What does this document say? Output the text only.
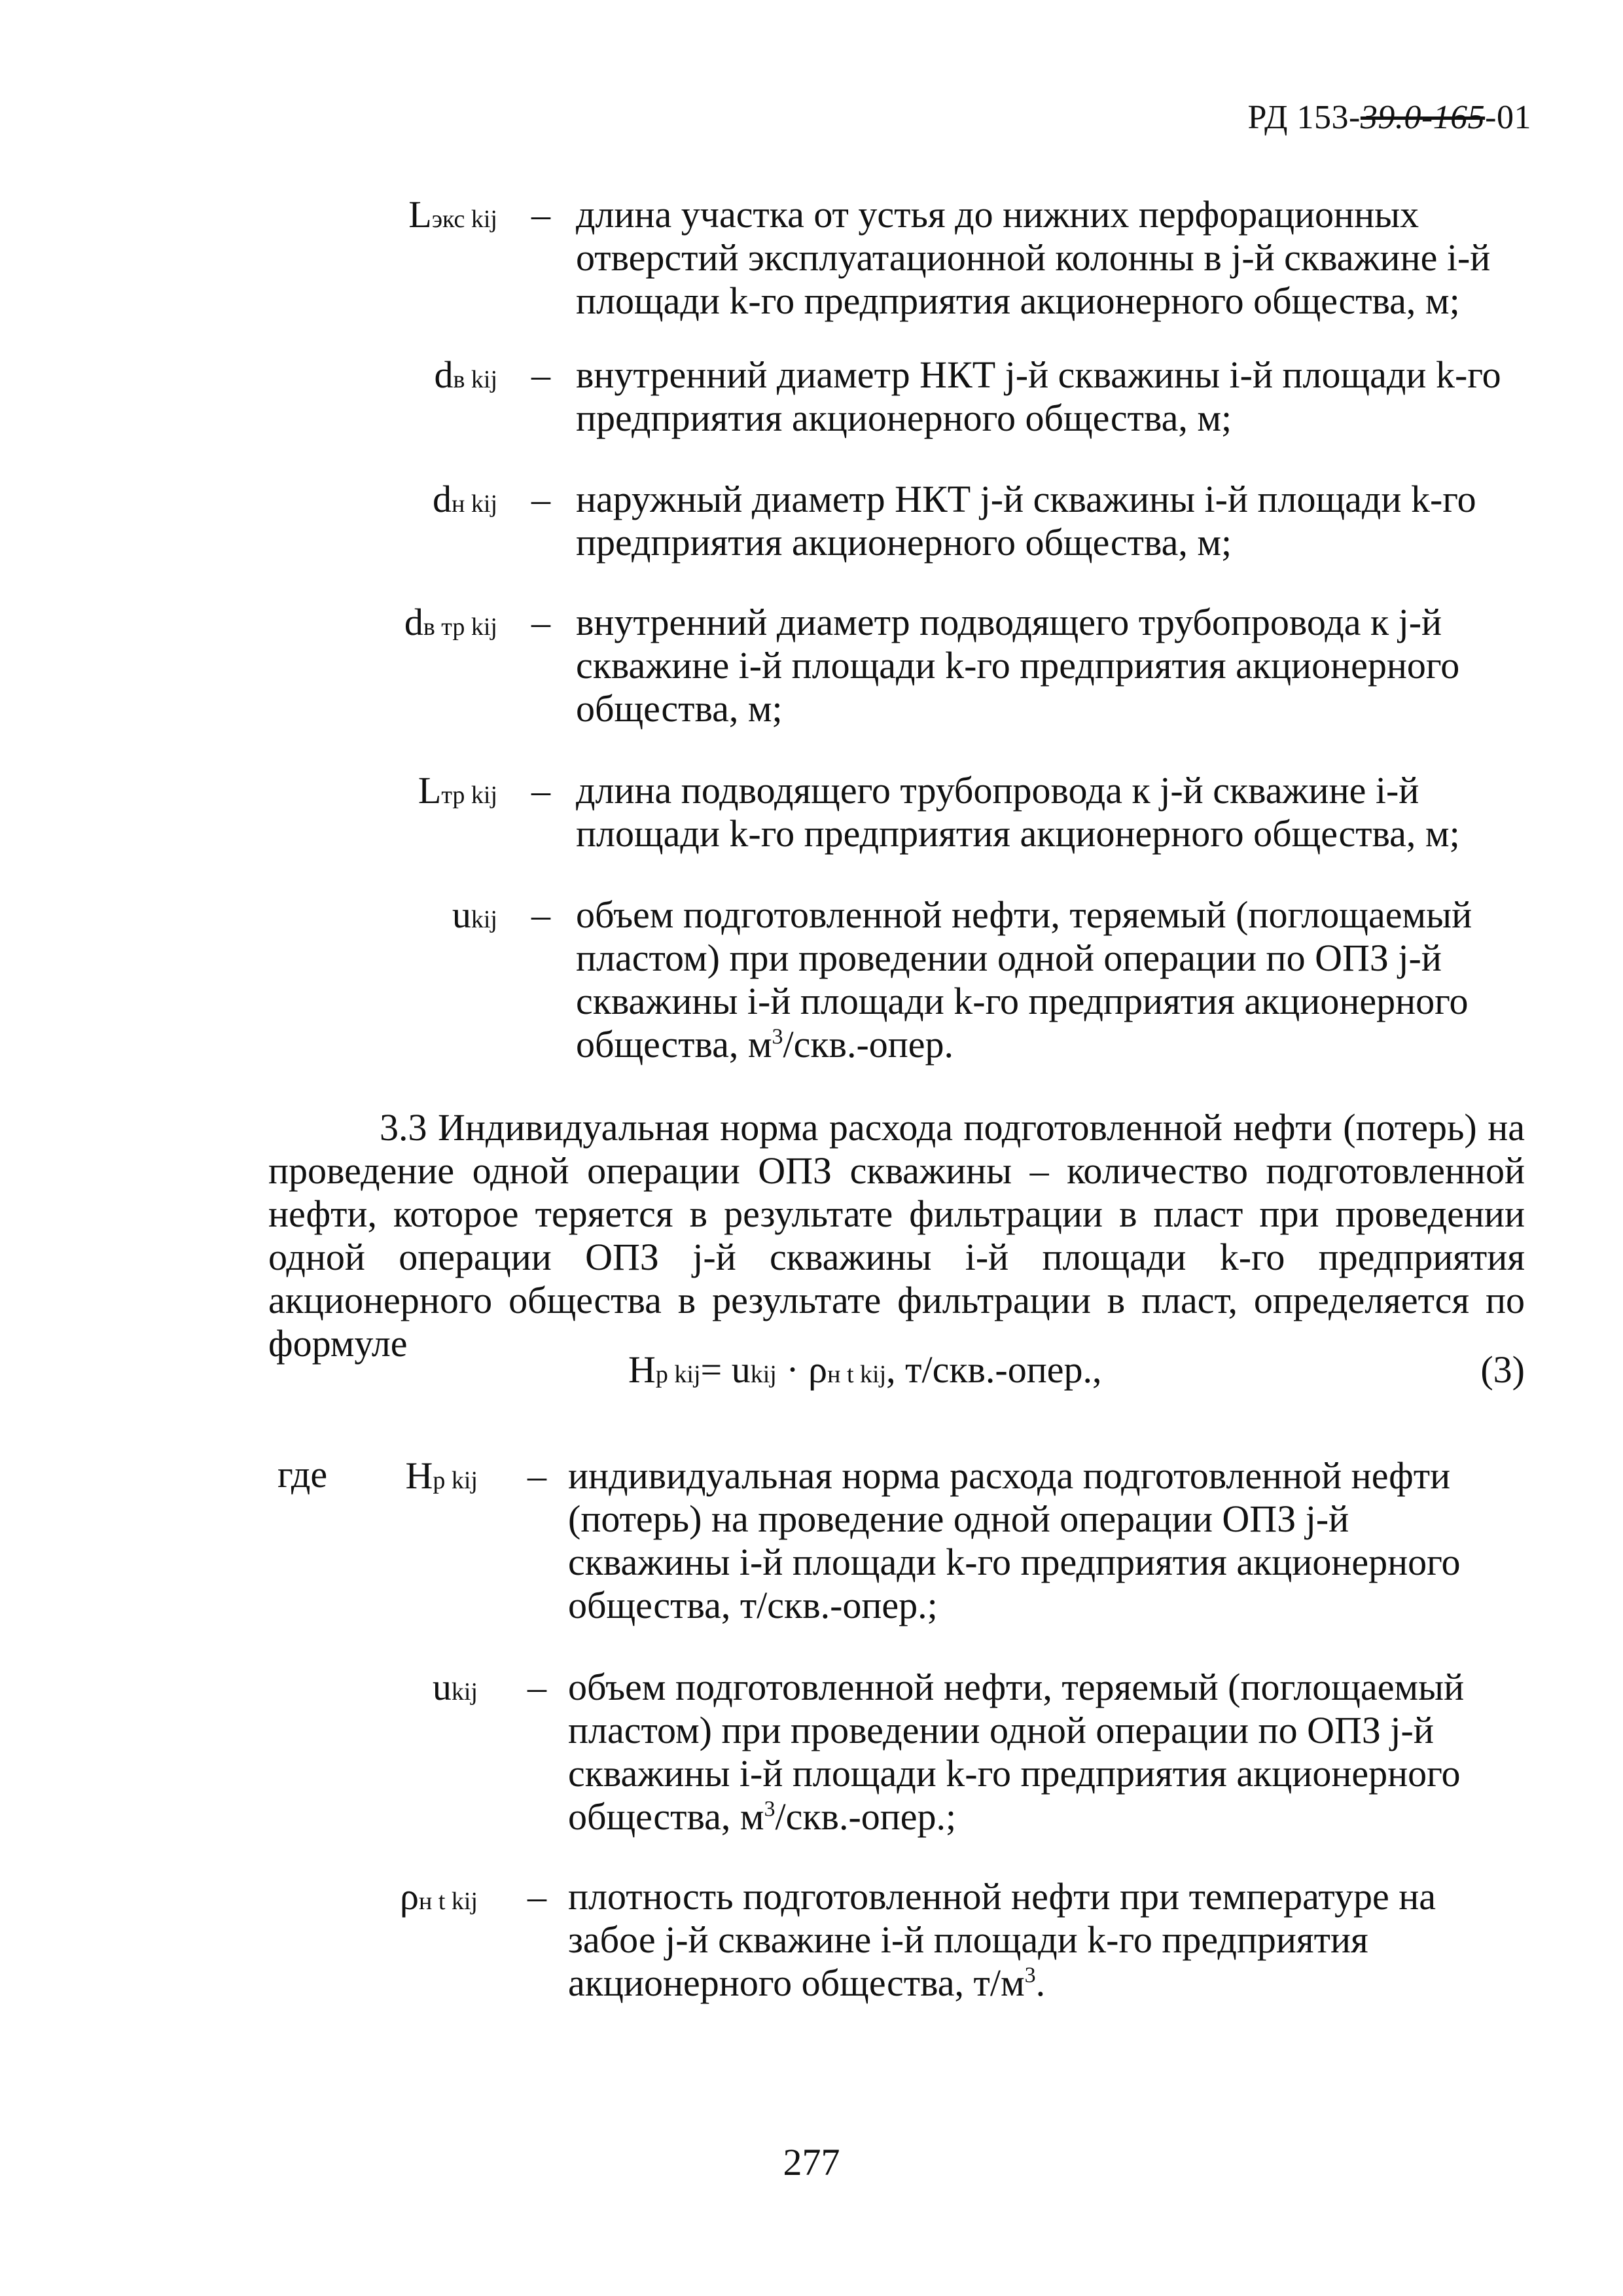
РД 153-39.0-165-01
Lэкс kij – длина участка от устья до нижних перфорационных отверстий эксплуатационной колонны в j-й скважине i-й площади k-го предприятия акционерного общества, м;
dв kij – внутренний диаметр НКТ j-й скважины i-й площади k-го предприятия акционерного общества, м;
dн kij – наружный диаметр НКТ j-й скважины i-й площади k-го предприятия акционерного общества, м;
dв тр kij – внутренний диаметр подводящего трубопровода к j-й скважине i-й площади k-го предприятия акционерного общества, м;
Lтр kij – длина подводящего трубопровода к j-й скважине i-й площади k-го предприятия акционерного общества, м;
ukij – объем подготовленной нефти, теряемый (поглощаемый пластом) при проведении одной операции по ОПЗ j-й скважины i-й площади k-го предприятия акционерного общества, $м^3/скв$.-опер.
3.3 Индивидуальная норма расхода подготовленной нефти (потерь) на проведение одной операции ОПЗ скважины – количество подготовленной нефти, которое теряется в результате фильтрации в пласт при проведении одной операции ОПЗ j-й скважины i-й площади k-го предприятия акционерного общества в результате фильтрации в пласт, определяется по формуле
Hр kij= ukij · ρн t kij, т/скв.-опер.,	(3)
где	Hр kij – индивидуальная норма расхода подготовленной нефти (потерь) на проведение одной операции ОПЗ j-й скважины i-й площади k-го предприятия акционерного общества, т/скв.-опер.;
ukij – объем подготовленной нефти, теряемый (поглощаемый пластом) при проведении одной операции по ОПЗ j-й скважины i-й площади k-го предприятия акционерного общества, $м^3/скв$.-опер.;
ρн t kij – плотность подготовленной нефти при температуре на забое j-й скважине i-й площади k-го предприятия акционерного общества, $т/м^3$.
277
